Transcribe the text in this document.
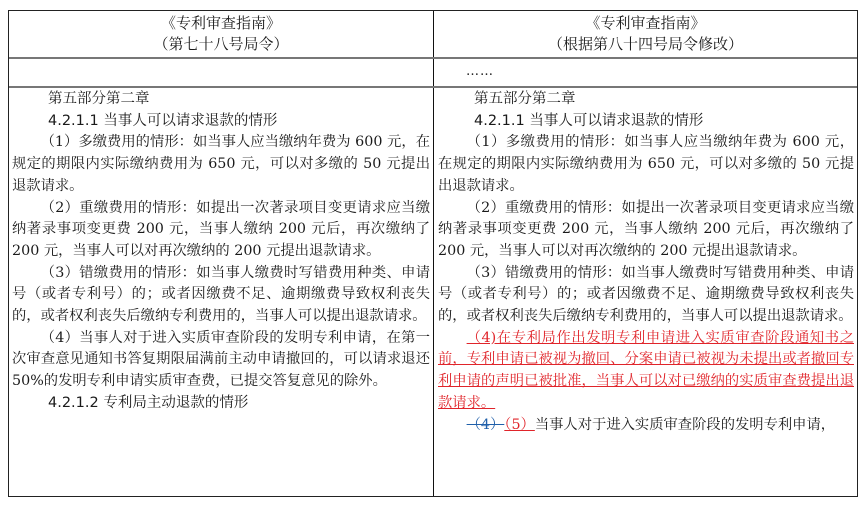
《专利审查指南》
（第七十八号局令）
《专利审查指南》
（根据第八十四号局令修改）
……

第五部分第二章

4.2.1.1 当事人可以请求退款的情形

（1）多缴费用的情形：如当事人应当缴纳年费为 600 元，在规定的期限内实际缴纳费用为 650 元，可以对多缴的 50 元提出退款请求。

（2）重缴费用的情形：如提出一次著录项目变更请求应当缴纳著录事项变更费 200 元，当事人缴纳 200 元后，再次缴纳了 200 元，当事人可以对再次缴纳的 200 元提出退款请求。

（3）错缴费用的情形：如当事人缴费时写错费用种类、申请号（或者专利号）的；或者因缴费不足、逾期缴费导致权利丧失的，或者权利丧失后缴纳专利费用的，当事人可以提出退款请求。

（4）当事人对于进入实质审查阶段的发明专利申请，在第一次审查意见通知书答复期限届满前主动申请撤回的，可以请求退还 50%的发明专利申请实质审查费，已提交答复意见的除外。

4.2.1.2 专利局主动退款的情形

第五部分第二章

4.2.1.1 当事人可以请求退款的情形

（1）多缴费用的情形：如当事人应当缴纳年费为 600 元，在规定的期限内实际缴纳费用为 650 元，可以对多缴的 50 元提出退款请求。

（2）重缴费用的情形：如提出一次著录项目变更请求应当缴纳著录事项变更费 200 元，当事人缴纳 200 元后，再次缴纳了 200 元，当事人可以对再次缴纳的 200 元提出退款请求。

（3）错缴费用的情形：如当事人缴费时写错费用种类、申请号（或者专利号）的；或者因缴费不足、逾期缴费导致权利丧失的，或者权利丧失后缴纳专利费用的，当事人可以提出退款请求。

（4)在专利局作出发明专利申请进入实质审查阶段通知书之前，专利申请已被视为撤回、分案申请已被视为未提出或者撤回专利申请的声明已被批准，当事人可以对已缴纳的实质审查费提出退款请求。

（4）（5）当事人对于进入实质审查阶段的发明专利申请，
